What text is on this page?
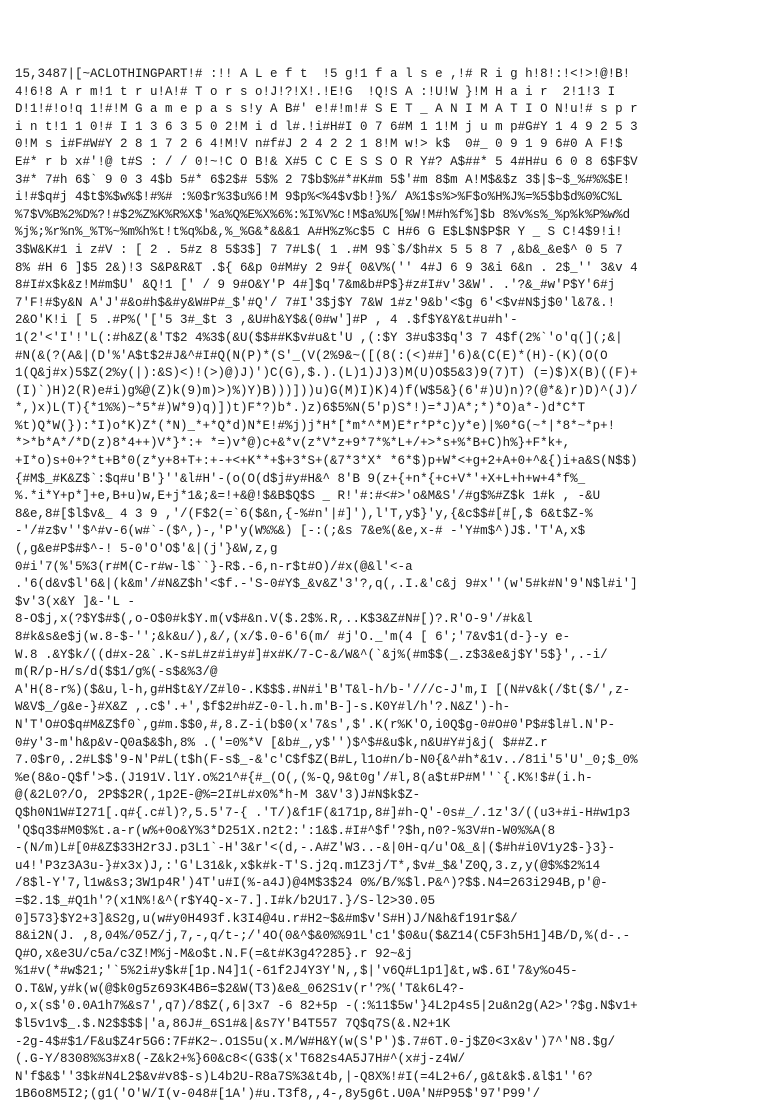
15,3487|[~ACLOTHINGPART!# :!! A L e f t  !5 g!1 f a l s e ,!# R i g h!8!:!<!>!@!B!
4!6!8 A r m!1 t r u!A!# T o r s o!J!?!X!.!E!G  !Q!S A :!U!W }!M H a i r  2!1!3 I
D!1!#!o!q 1!#!M G a m e p a s s!y A B#' e!#!m!# S E T _ A N I M A T I O N!u!# s p r
i n t!1 1 0!# I 1 3 6 3 5 0 2!M i d l#.!i#H#I 0 7 6#M 1 1!M j u m p#G#Y 1 4 9 2 5 3
0!M s i#F#W#Y 2 8 1 7 2 6 4!M!V n#f#J 2 4 2 2 1 8!M w!> k$  0#_ 0 9 1 9 6#0 A F!$
E#* r b x#'!@ t#S : / / 0!~!C O B!& X#5 C C E S S O R Y#? A$##* 5 4#H#u 6 0 8 6$F$V
3#* 7#h 6$` 9 0 3 4$b 5#* 6$2$# 5$% 2 7$b$%#*#K#m 5$'#m 8$m A!M$&$z 3$|$~$_%#%%$E!
i!#$q#j 4$t$%$w%$!#%# :%0$r%3$u%6!M 9$p%<%4$v$b!}%/ A%1$s%>%F$o%H%J%=%5$b$d%0%C%L
%7$V%B%2%D%?!#$2%Z%K%R%X$'%a%Q%E%X%6%:%I%V%c!M$a%U%[%W!M#h%f%]$b 8%v%s%_%p%k%P%w%d
%j%;%r%n%_%T%~%m%h%t!t%q%b&,%_%G&*&&&1 A#H%z%c$5 C H#6 G E$L$N$P$R Y _ S C!4$9!i!
3$W&K#1 i z#V : [ 2 . 5#z 8 5$3$] 7 7#L$( 1 .#M 9$`$/$h#x 5 5 8 7 ,&b&_&e$^ 0 5 7
8% #H 6 ]$5 2&)!3 S&P&R&T .${ 6&p 0#M#y 2 9#{ 0&V%('' 4#J 6 9 3&i 6&n . 2$_'' 3&v 4
8#I#x$k&z!M#m$U' &Q!1 [' / 9 9#O&Y'P 4#]$q'7&m&b#P$}#z#I#v'3&W'. .'?&_#w'P$Y'6#j
7'F!#$y&N A'J'#&o#h$&#y&W#P#_$'#Q'/ 7#I'3$j$Y 7&W 1#z'9&b'<$g 6'<$v#N$j$0'l&7&.!
2&O'K!i [ 5 .#P%('['5 3#_$t 3 ,&U#h&Y$&(0#w']#P , 4 .$f$Y&Y&t#u#h'-
1(2'<'I'!'L(:#h&Z(&'T$2 4%3$(&U($$##K$v#u&t'U ,(:$Y 3#u$3$q'3 7 4$f(2%`'o'q(](;&|
#N(&(?(A&|(D'%'A$t$2#J&^#I#Q(N(P)*(S'_(V(2%9&~([(8(:(<)##]'6)&(C(E)*(H)-(K)(O(O
1(Q&j#x)5$Z(2%y(|):&S)<)!(>)@)J)')C(G),$.).(L)1)J)3)M(U)O$5&3)9(7)T) (=)$)X(B)((F)+
(I)`)H)2(R)e#i)g%@(Z)k(9)m)>)%)Y)B)))]))u)G(M)I)K)4)f(W$5&}(6'#)U)n)?(@*&)r)D)^(J)/
*,)x)L(T){*1%%)~*5*#)W*9)q)])t)F*?)b*.)z)6$5%N(5'p)S*!)=*J)A*;*)*O)a*-)d*C*T
%t)Q*W(}):*I)o*K)Z*(*N)_*+*Q*d)N*E!#%j)j*H*[*m*^*M)E*r*P*c)y*e)|%0*G(~*|*8*~*p+!
*>*b*A*/*D(z)8*4++)V*}*:+ *=)v*@)c+&*v(z*V*z+9*7*%*L+/+>*s+%*B+C)h%}+F*k+,
+I*o)s+0+?*t+B*0(z*y+8+T+:+-+<+K**+$+3*S+(&7*3*X* *6*$)p+W*<+g+2+A+0+^&{)i+a&S(N$$)
{#M$_#K&Z$`:$q#u'B'}''&l#H'-(o(O(d$j#y#H&^ 8'B 9(z+{+n*{+c+V*'+X+L+h+w+4*f%_
%.*i*Y+p*]+e,B+u)w,E+j*1&;&=!+&@!$&B$Q$S _ R!'#:#<#>'o&M&S'/#g$%#Z$k 1#k , -&U
8&e,8#[$l$v&_ 4 3 9 ,'/(F$2(=`6($&n,{-%#n'|#]'),l'T,y$}'y,{&c$$#[#[,$ 6&t$Z-%
-'/#z$v''$^#v-6(w#`-($^,)-,'P'y(W%%&) [-:(;&s 7&e%(&e,x-# -'Y#m$^)J$.'T'A,x$
(,g&e#P$#$^-! 5-0'O'O$'&|(j'}&W,z,g
0#i'7(%'5%3(r#M(C-r#w-l$``}-R$.-6,n-r$t#O)/#x(@&l'<-a
.'6(d&v$l'6&|(k&m'/#N&Z$h'<$f.-'S-0#Y$_&v&Z'3'?,q(,.I.&'c&j 9#x''(w'5#k#N'9'N$l#i']
$v'3(x&Y ]&-'L -
8-O$j,x(?$Y$#$(,o-O$0#k$Y.m(v$#&n.V($.2$%.R,..K$3&Z#N#[)?.R'O-9'/#k&l
8#k&s&e$j(w.8-$-'';&k&u/),&/,(x/$.0-6'6(m/ #j'O._'m(4 [ 6';'7&v$1(d-}-y e-
W.8 .&Y$k/((d#x-2&`.K-s#L#z#i#y#]#x#K/7-C-&/W&^(`&j%(#m$$(_.z$3&e&j$Y'5$}',.-i/
m(R/p-H/s/d($$1/g%(-s$&%3/@
A'H(8-r%)($&u,l-h,g#H$t&Y/Z#l0-.K$$$.#N#i'B'T&l-h/b-'///c-J'm,I [(N#v&k(/$t($/',z-
W&V$_/g&e-}#X&Z ,.c$'.+',$f$2#h#Z-0-l.h.m'B-]-s.K0Y#l/h'?.N&Z')-h-
N'T'O#O$q#M&Z$f0`,g#m.$$0,#,8.Z-i(b$0(x'7&s',$'.K(r%K'O,i0Q$g-0#O#0'P$#$l#l.N'P-
0#y'3-m'h&p&v-Q0a$&$h,8% .('=0%*V [&b#_,y$'')$^$#&u$k,n&U#Y#j&j( $##Z.r
7.0$r0,.2#L$$'9-N'P#L(t$h(F-s$_-&'c'C$f$Z(B#L,l1o#n/b-N0{&^#h*&1v../81i'5'U'_0;$_0%
%e(8&o-Q$f'>$.(J191V.l1Y.o%21^#{#_(O(,(%-Q,9&t0g'/#l,8(a$t#P#M''`{.K%!$#(i.h-
@(&2L0?/O, 2P$$2R(,1p2E-@%=2I#L#x0%*h-M 3&V'3)J#N$k$Z-
Q$h0N1W#I271[.q#{.c#l)?,5.5'7-{ .'T/)&f1F(&171p,8#]#h-Q'-0s#_/.1z'3/((u3+#i-H#w1p3
'Q$q3$#M0$%t.a-r(w%+0o&Y%3*D251X.n2t2:':1&$.#I#^$f'?$h,n0?-%3V#n-W0%%A(8
-(N/m)L#[0#&Z$33H2r3J.p3L1`-H'3&r'<(d,-.A#Z'W3..-&|0H-q/u'O&_&|($#h#i0V1y2$-}3}-
u4!'P3z3A3u-}#x3x)J,:'G'L31&k,x$k#k-T'S.j2q.m1Z3j/T*,$v#_$&'Z0Q,3.z,y(@$%$2%14
/8$l-Y'7,l1w&s3;3W1p4R')4T'u#I(%-a4J)@4M$3$24 0%/B/%$l.P&^)?$$.N4=263i294B,p'@-
=$2.1$_#Q1h'?(x1N%!&^(r$Y4Q-x-7.].I#k/b2U17.}/S-l2>30.05
0]573}$Y2+3]&S2g,u(w#y0H493f.k3I4@4u.r#H2~$&#m$v'S#H)J/N&h&f191r$&/
8&i2N(J. ,8,04%/05Z/j,7,-,q/t-;/'4O(0&^$&0%%91L'c1'$0&u($&Z14(C5F3h5H1]4B/D,%(d-.-
Q#O,x&e3U/c5a/c3Z!M%j-M&o$t.N.F(=&t#K3g4?285}.r 92~&j
%1#v(*#w$21;'`5%2i#y$k#[1p.N4]1(-61f2J4Y3Y'N,,$|'v6Q#L1p1]&t,w$.6I'7&y%o45-
O.T&W,y#k(w(@$k0g5z693K4B6=$2&W(T3)&e&_062S1v(r'?%('T&k6L4?-
o,x(s$'0.0A1h7%&s7',q7)/8$Z(,6|3x7 -6 82+5p -(:%11$5w'}4L2p4s5|2u&n2g(A2>'?$g.N$v1+
$l5v1v$_.$.N2$$$$|'a,86J#_6S1#&|&s7Y'B4T557 7Q$q7S(&.N2+1K
-2g-4$#$1/F&u$Z4r5G6:7F#K2~.O1S5u(x.M/W#H&Y(w(S'P')$.7#6T.0-j$Z0<3x&v')7^'N8.$g/
(.G-Y/8308%%3#x8(-Z&k2+%}60&c8<(G3$(x'T682s4A5J7H#^(x#j-z4W/
N'f$&$''3$k#N4L2$&v#v8$-s)L4b2U-R8a7S%3&t4b,|-Q8X%!#I(=4L2+6/,g&t&k$.&l$1''6?
1B6o8M5I2;(g1('O'W/I(v-048#[1A')#u.T3f8,,4-,8y5g6t.U0A'N#P95$'97'P99'/
